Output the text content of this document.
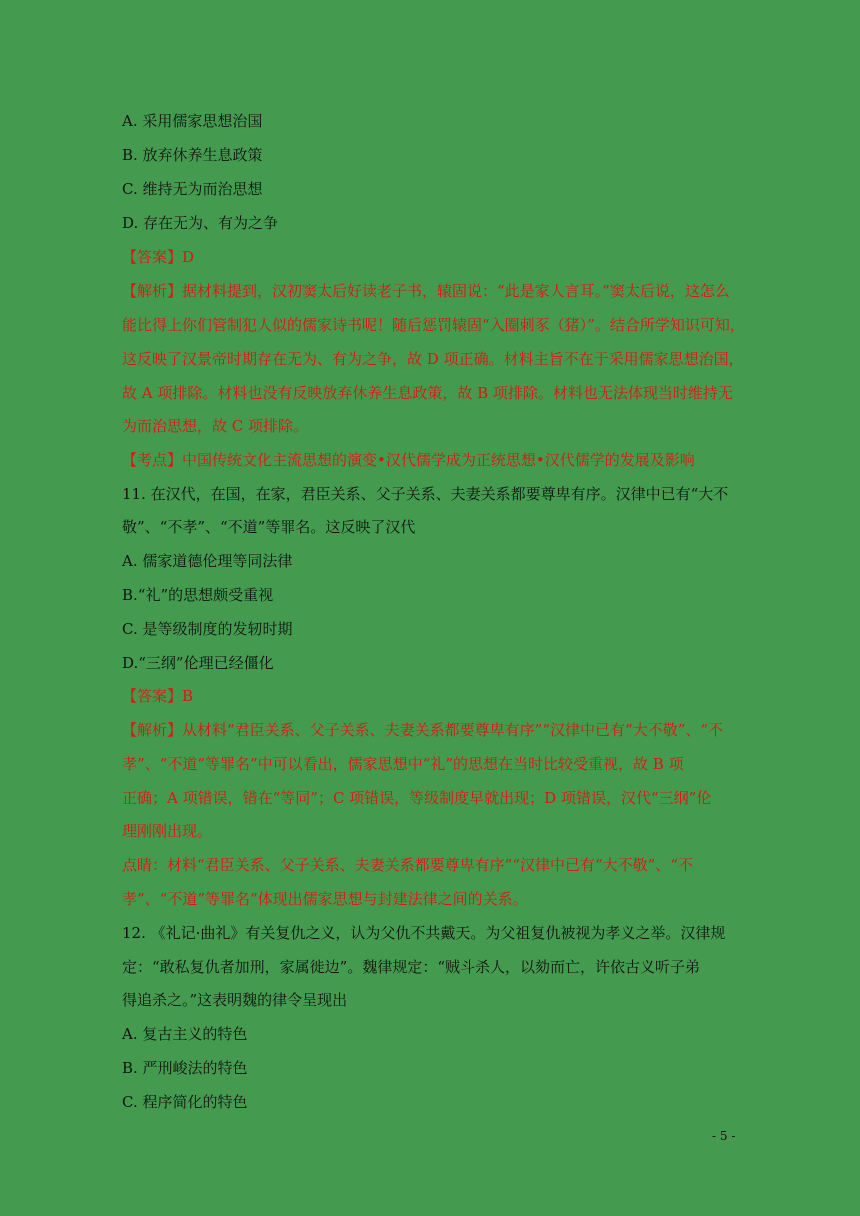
A. 采用儒家思想治国
B. 放弃休养生息政策
C. 维持无为而治思想
D. 存在无为、有为之争
【答案】D
【解析】据材料提到，汉初窦太后好读老子书，辕固说：“此是家人言耳。”窦太后说，这怎么
能比得上你们管制犯人似的儒家诗书呢！随后惩罚辕固“入圈刺豕（猪）”。结合所学知识可知，
这反映了汉景帝时期存在无为、有为之争，故 D 项正确。材料主旨不在于采用儒家思想治国，
故 A 项排除。材料也没有反映放弃休养生息政策，故 B 项排除。材料也无法体现当时维持无
为而治思想，故 C 项排除。
【考点】中国传统文化主流思想的演变•汉代儒学成为正统思想•汉代儒学的发展及影响
11. 在汉代，在国，在家，君臣关系、父子关系、夫妻关系都要尊卑有序。汉律中已有“大不
敬”、“不孝”、“不道”等罪名。这反映了汉代
A. 儒家道德伦理等同法律
B.“礼”的思想颇受重视
C. 是等级制度的发轫时期
D.“三纲”伦理已经僵化
【答案】B
【解析】从材料“君臣关系、父子关系、夫妻关系都要尊卑有序”“汉律中已有“大不敬”、“不
孝”、“不道”等罪名”中可以看出，儒家思想中“礼”的思想在当时比较受重视，故 B 项
正确；A 项错误，错在“等同”；C 项错误，等级制度早就出现；D 项错误，汉代“三纲”伦
理刚刚出现。
点睛：材料“君臣关系、父子关系、夫妻关系都要尊卑有序”“汉律中已有“大不敬”、“不
孝”、“不道”等罪名”体现出儒家思想与封建法律之间的关系。
12. 《礼记·曲礼》有关复仇之义，认为父仇不共戴天。为父祖复仇被视为孝义之举。汉律规
定：“敢私复仇者加刑，家属徙边”。魏律规定：“贼斗杀人，以劾而亡，许依古义听子弟
得追杀之。”这表明魏的律令呈现出
A. 复古主义的特色
B. 严刑峻法的特色
C. 程序简化的特色
- 5 -
